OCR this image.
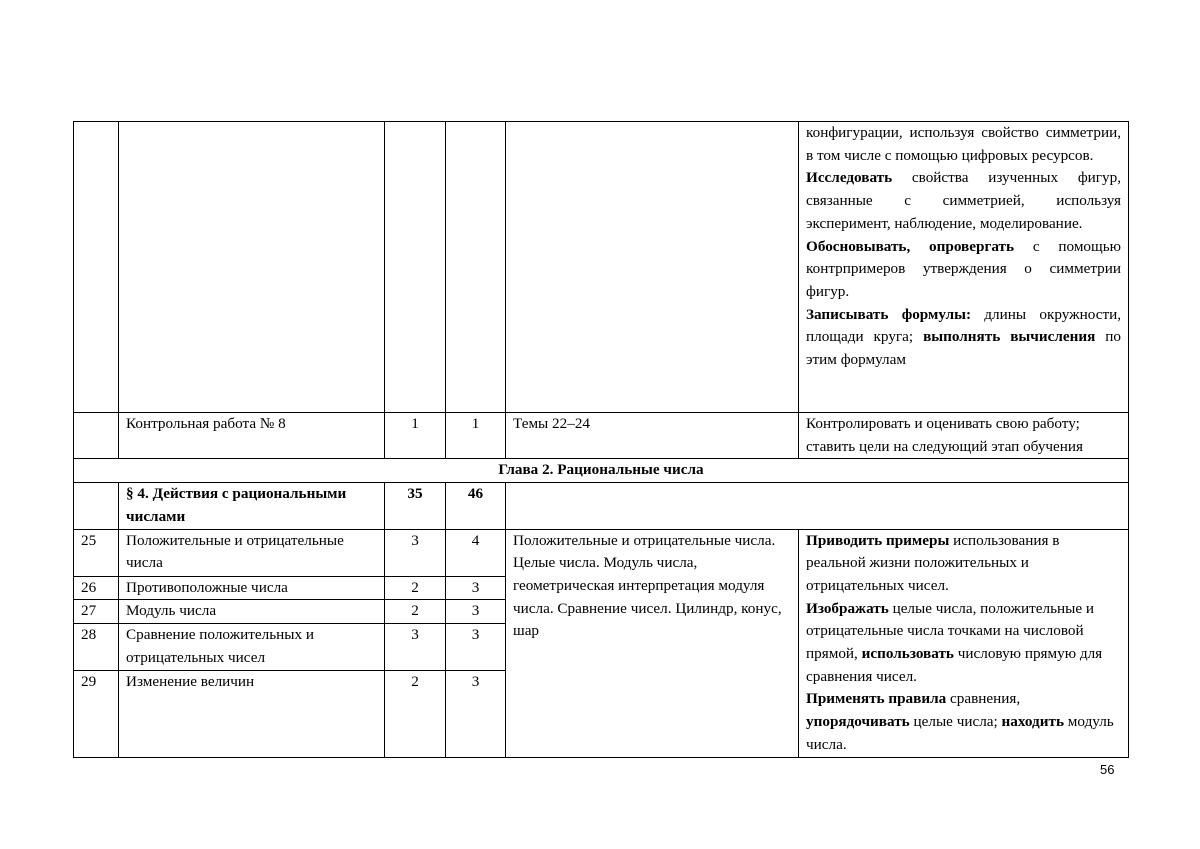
					конфигурации, используя свойство симметрии, в том числе с помощью цифровых ресурсов.
Исследовать свойства изученных фигур, связанные с симметрией, используя эксперимент, наблюдение, моделирование.
Обосновывать, опровергать с помощью контрпримеров утверждения о симметрии фигур.
Записывать формулы: длины окружности, площади круга; выполнять вычисления по этим формулам
	Контрольная работа № 8	1	1	Темы 22–24	Контролировать и оценивать свою работу; ставить цели на следующий этап обучения
Глава 2. Рациональные числа					
	§ 4. Действия с рациональными числами	35	46		
25	Положительные и отрицательные числа	3	4	Положительные и отрицательные числа. Целые числа. Модуль числа, геометрическая интерпретация модуля числа. Сравнение чисел. Цилиндр, конус, шар	Приводить примеры использования в реальной жизни положительных и отрицательных чисел.
Изображать целые числа, положительные и отрицательные числа точками на числовой прямой, использовать числовую прямую для сравнения чисел.
Применять правила сравнения, упорядочивать целые числа; находить модуль числа.
26	Противоположные числа	2	3		
27	Модуль числа	2	3		
28	Сравнение положительных и отрицательных чисел	3	3		
29	Изменение величин	2	3		
56
